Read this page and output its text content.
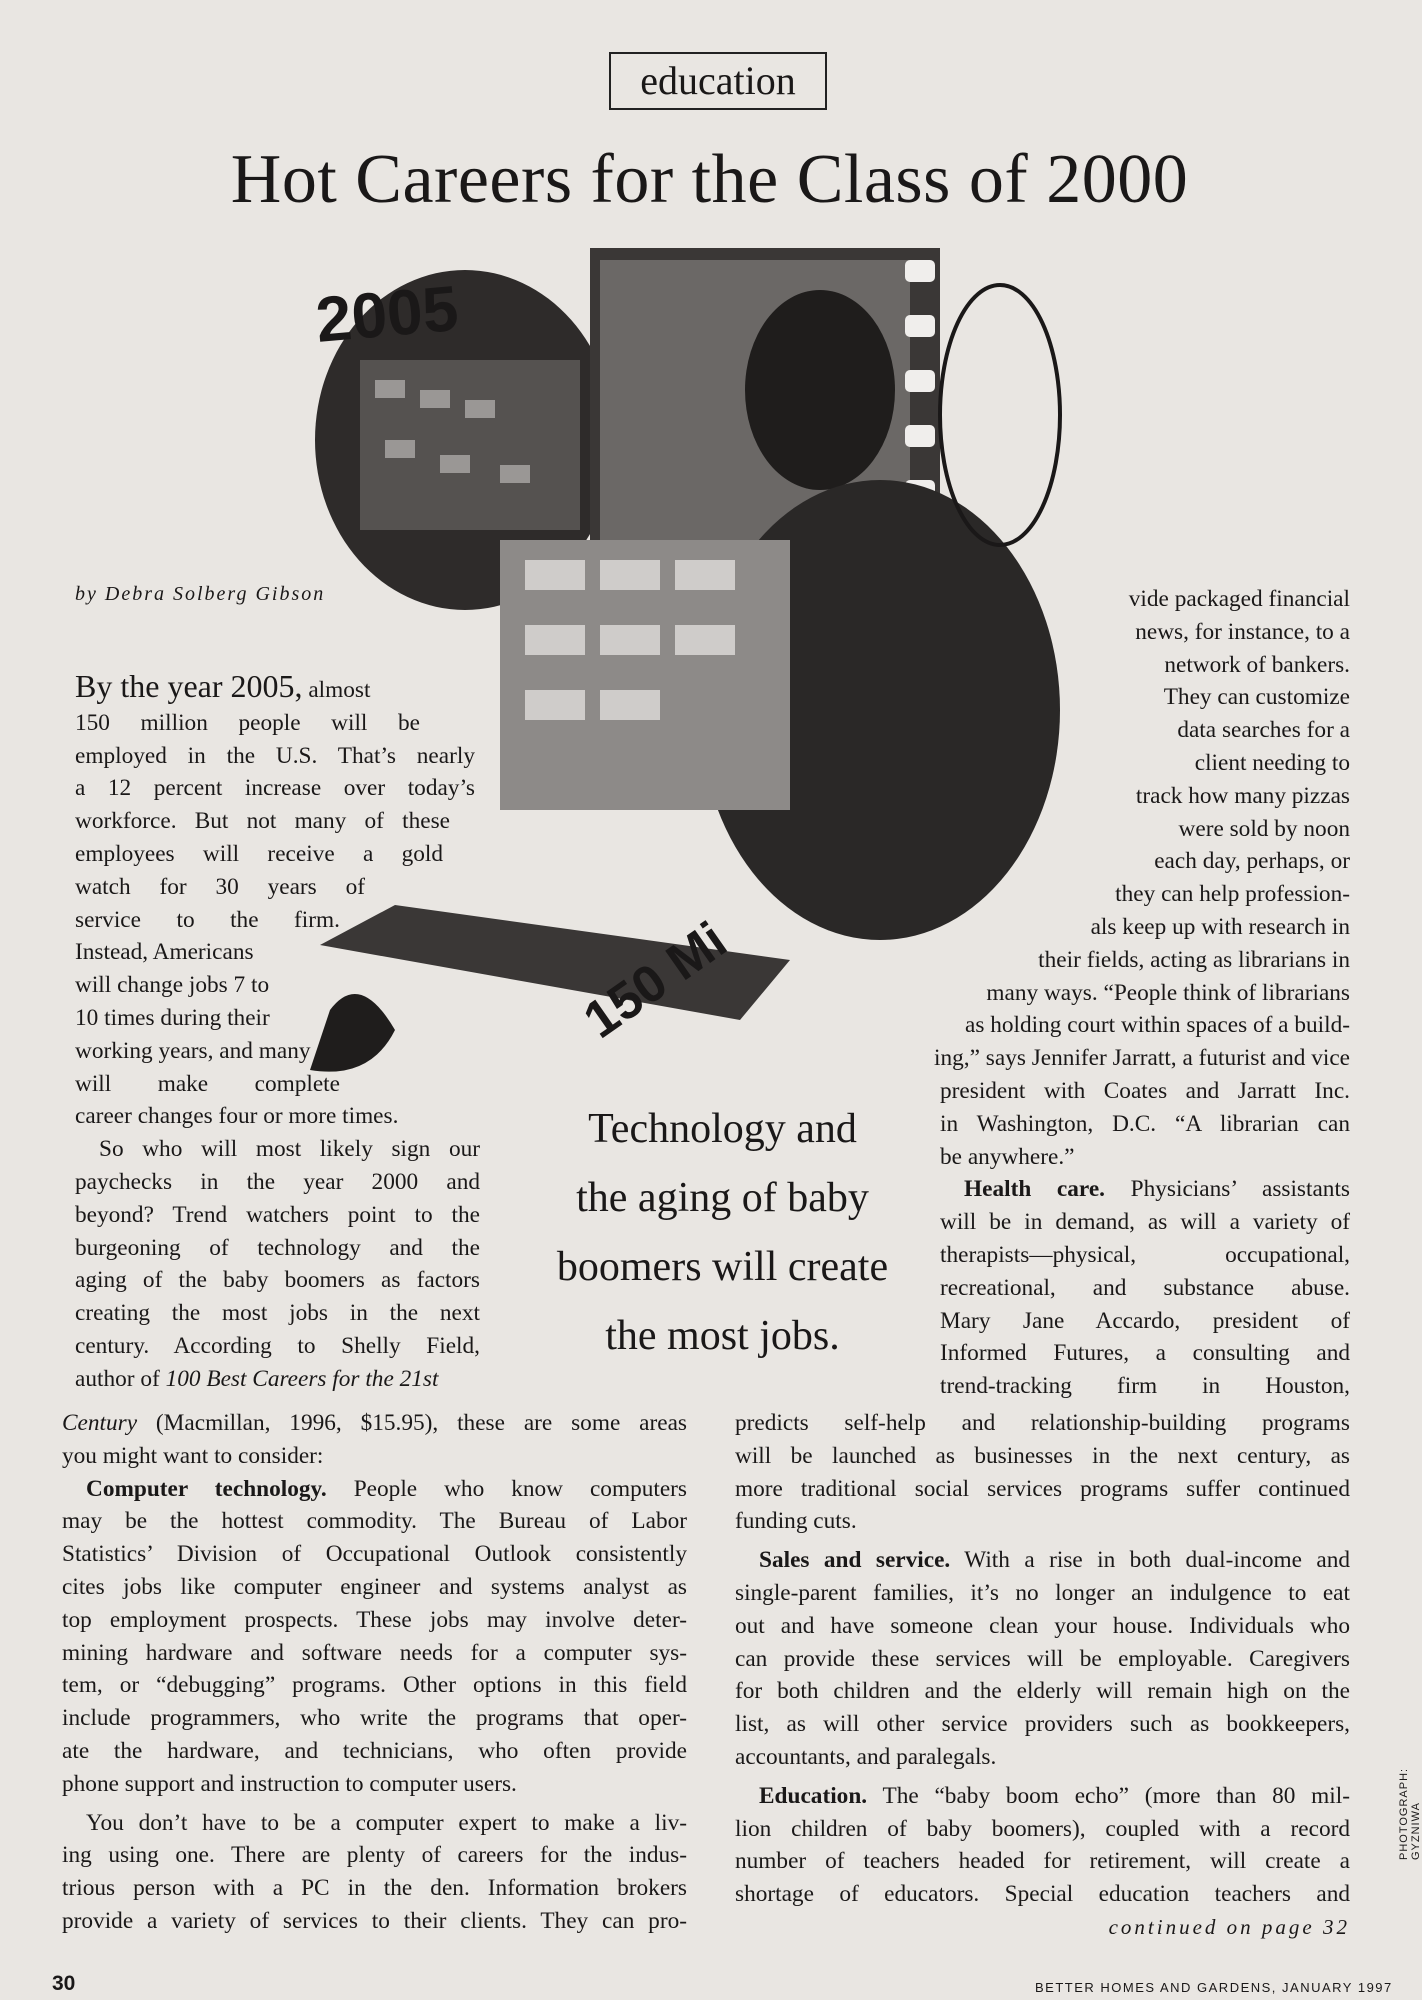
education
Hot Careers for the Class of 2000
2005
150 Mi
by Debra Solberg Gibson

By the year 2005, almost

150 million people will be

employed in the U.S. That’s nearly

a 12 percent increase over today’s

workforce. But not many of these

employees will receive a gold

watch for 30 years of

service to the firm.

Instead, Americans

will change jobs 7 to

10 times during their

working years, and many

will make complete

career changes four or more times.

So who will most likely sign our

paychecks in the year 2000 and

beyond? Trend watchers point to the

burgeoning of technology and the

aging of the baby boomers as factors

creating the most jobs in the next

century. According to Shelly Field,

author of 100 Best Careers for the 21st

Century (Macmillan, 1996, $15.95), these are some areas

you might want to consider:

Computer technology. People who know computers

may be the hottest commodity. The Bureau of Labor

Statistics’ Division of Occupational Outlook consistently

cites jobs like computer engineer and systems analyst as

top employment prospects. These jobs may involve deter-

mining hardware and software needs for a computer sys-

tem, or “debugging” programs. Other options in this field

include programmers, who write the programs that oper-

ate the hardware, and technicians, who often provide

phone support and instruction to computer users.

You don’t have to be a computer expert to make a liv-

ing using one. There are plenty of careers for the indus-

trious person with a PC in the den. Information brokers

provide a variety of services to their clients. They can pro-

Technology and
the aging of baby
boomers will create
the most jobs.

vide packaged financial

news, for instance, to a

network of bankers.

They can customize

data searches for a

client needing to

track how many pizzas

were sold by noon

each day, perhaps, or

they can help profession-

als keep up with research in

their fields, acting as librarians in

many ways. “People think of librarians

as holding court within spaces of a build-

ing,” says Jennifer Jarratt, a futurist and vice

president with Coates and Jarratt Inc.

in Washington, D.C. “A librarian can

be anywhere.”

Health care. Physicians’ assistants

will be in demand, as will a variety of

therapists—physical, occupational,

recreational, and substance abuse.

Mary Jane Accardo, president of

Informed Futures, a consulting and

trend-tracking firm in Houston,

predicts self-help and relationship-building programs

will be launched as businesses in the next century, as

more traditional social services programs suffer continued

funding cuts.

Sales and service. With a rise in both dual-income and

single-parent families, it’s no longer an indulgence to eat

out and have someone clean your house. Individuals who

can provide these services will be employable. Caregivers

for both children and the elderly will remain high on the

list, as will other service providers such as bookkeepers,

accountants, and paralegals.

Education. The “baby boom echo” (more than 80 mil-

lion children of baby boomers), coupled with a record

number of teachers headed for retirement, will create a

shortage of educators. Special education teachers and

continued on page 32

30	BETTER HOMES AND GARDENS, JANUARY 1997
PHOTOGRAPH: GYZNIWA
